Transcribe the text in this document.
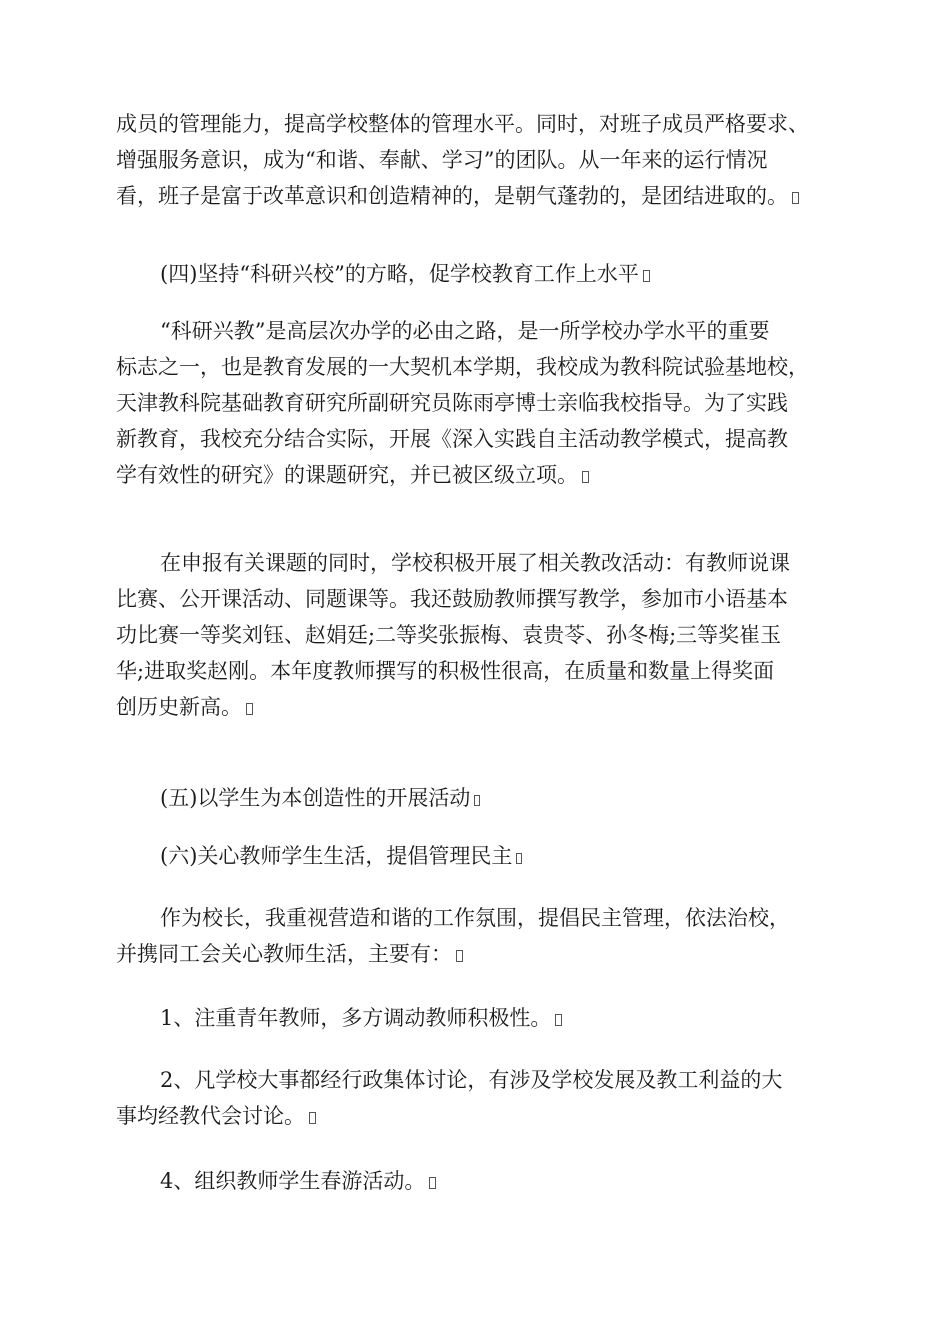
成员的管理能力，提高学校整体的管理水平。同时，对班子成员严格要求、
增强服务意识，成为“和谐、奉献、学习”的团队。从一年来的运行情况
看，班子是富于改革意识和创造精神的，是朝气蓬勃的，是团结进取的。
(四)坚持“科研兴校”的方略，促学校教育工作上水平
“科研兴教”是高层次办学的必由之路，是一所学校办学水平的重要
标志之一，也是教育发展的一大契机本学期，我校成为教科院试验基地校，
天津教科院基础教育研究所副研究员陈雨亭博士亲临我校指导。为了实践
新教育，我校充分结合实际，开展《深入实践自主活动教学模式，提高教
学有效性的研究》的课题研究，并已被区级立项。
在申报有关课题的同时，学校积极开展了相关教改活动：有教师说课
比赛、公开课活动、同题课等。我还鼓励教师撰写教学，参加市小语基本
功比赛一等奖刘钰、赵娟廷;二等奖张振梅、袁贵苓、孙冬梅;三等奖崔玉
华;进取奖赵刚。本年度教师撰写的积极性很高，在质量和数量上得奖面
创历史新高。
(五)以学生为本创造性的开展活动
(六)关心教师学生生活，提倡管理民主
作为校长，我重视营造和谐的工作氛围，提倡民主管理，依法治校，
并携同工会关心教师生活，主要有：
1、注重青年教师，多方调动教师积极性。
2、凡学校大事都经行政集体讨论，有涉及学校发展及教工利益的大
事均经教代会讨论。
4、组织教师学生春游活动。
